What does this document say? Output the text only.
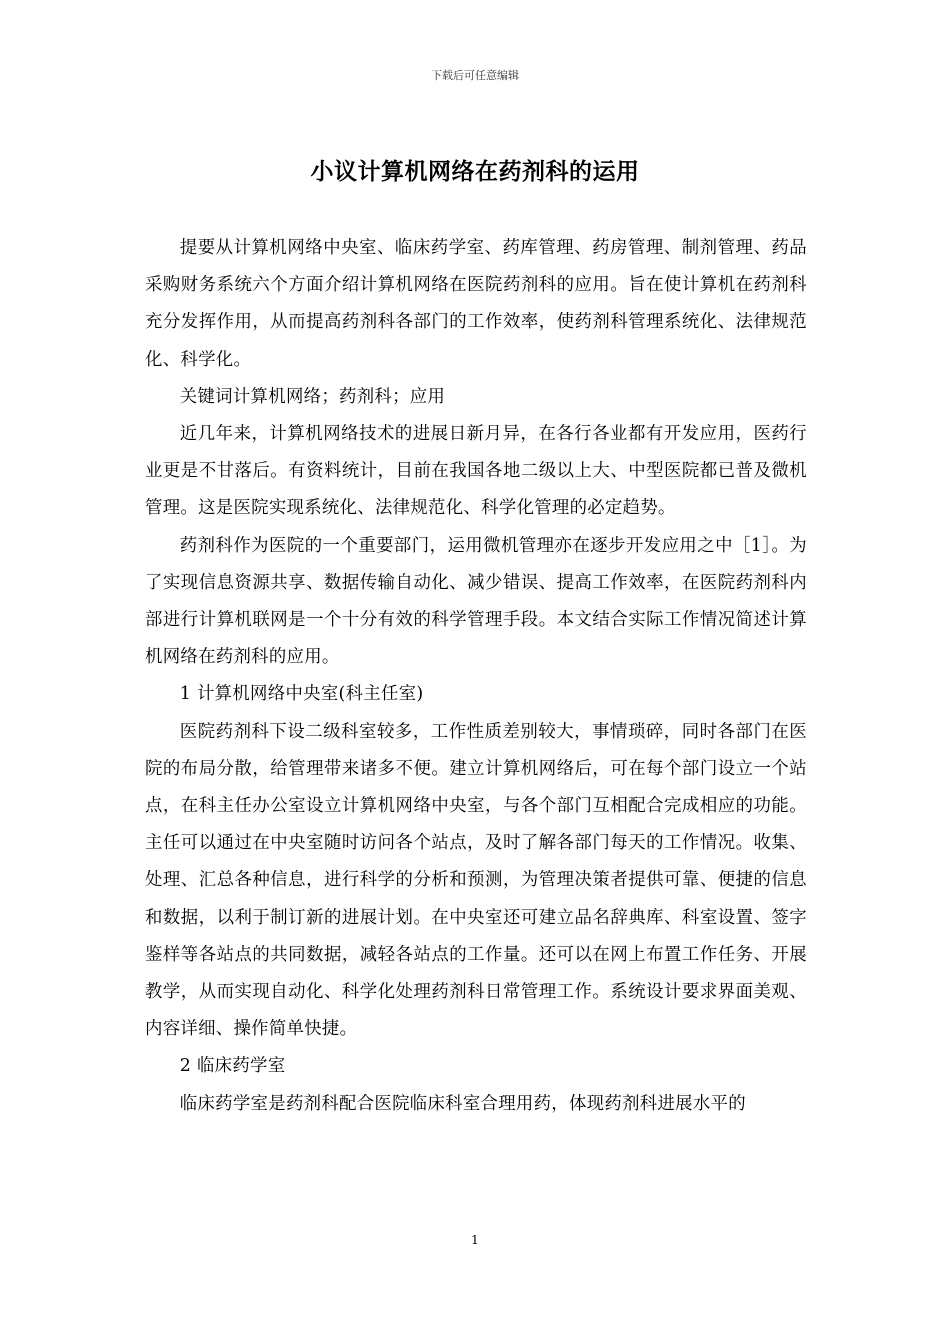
下载后可任意编辑
小议计算机网络在药剂科的运用

提要从计算机网络中央室、临床药学室、药库管理、药房管理、制剂管理、药品采购财务系统六个方面介绍计算机网络在医院药剂科的应用。旨在使计算机在药剂科充分发挥作用，从而提高药剂科各部门的工作效率，使药剂科管理系统化、法律规范化、科学化。

关键词计算机网络；药剂科；应用

近几年来，计算机网络技术的进展日新月异，在各行各业都有开发应用，医药行业更是不甘落后。有资料统计，目前在我国各地二级以上大、中型医院都已普及微机管理。这是医院实现系统化、法律规范化、科学化管理的必定趋势。

药剂科作为医院的一个重要部门，运用微机管理亦在逐步开发应用之中［1］。为了实现信息资源共享、数据传输自动化、减少错误、提高工作效率，在医院药剂科内部进行计算机联网是一个十分有效的科学管理手段。本文结合实际工作情况简述计算机网络在药剂科的应用。

1 计算机网络中央室(科主任室)

医院药剂科下设二级科室较多，工作性质差别较大，事情琐碎，同时各部门在医院的布局分散，给管理带来诸多不便。建立计算机网络后，可在每个部门设立一个站点，在科主任办公室设立计算机网络中央室，与各个部门互相配合完成相应的功能。主任可以通过在中央室随时访问各个站点，及时了解各部门每天的工作情况。收集、处理、汇总各种信息，进行科学的分析和预测，为管理决策者提供可靠、便捷的信息和数据，以利于制订新的进展计划。在中央室还可建立品名辞典库、科室设置、签字鉴样等各站点的共同数据，减轻各站点的工作量。还可以在网上布置工作任务、开展教学，从而实现自动化、科学化处理药剂科日常管理工作。系统设计要求界面美观、内容详细、操作简单快捷。

2 临床药学室

临床药学室是药剂科配合医院临床科室合理用药，体现药剂科进展水平的

1
